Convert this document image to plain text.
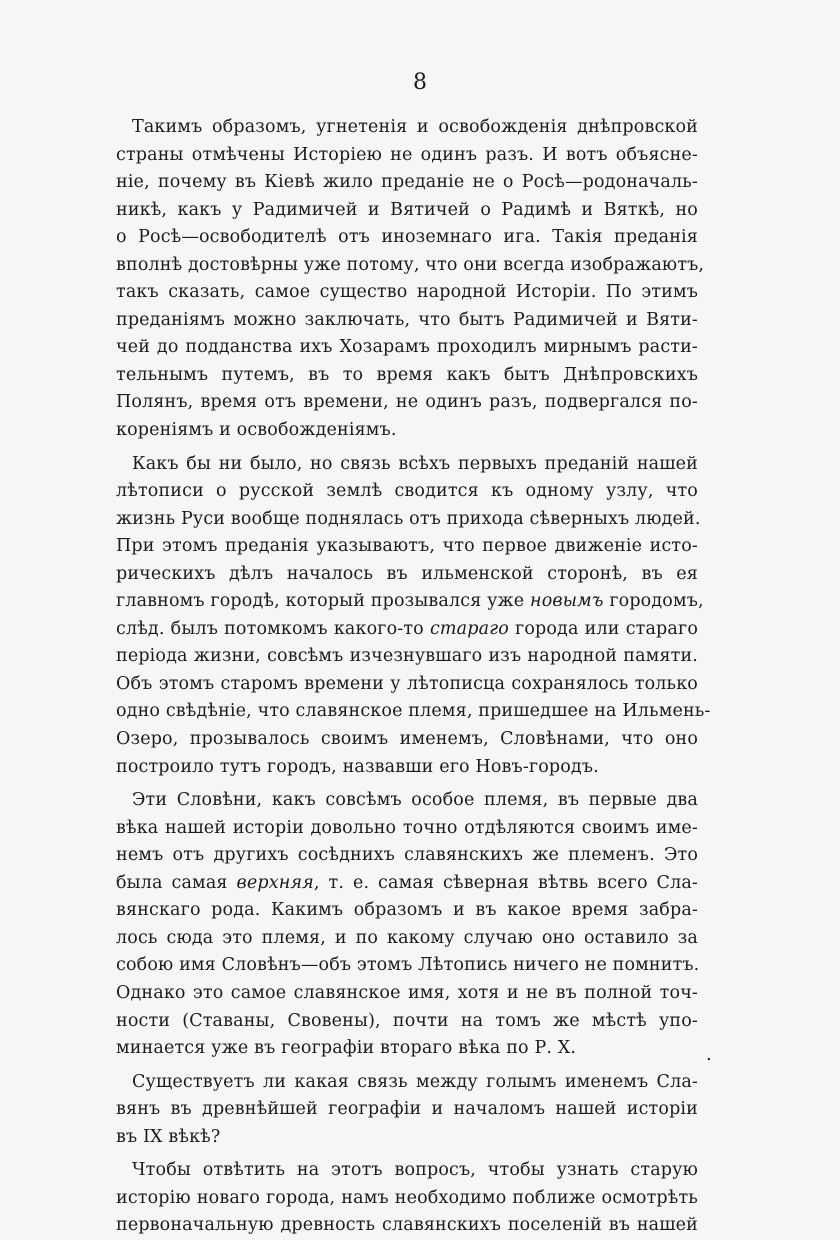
8
Такимъ образомъ, угнетенія и освобожденія днѣпровской
страны отмѣчены Исторіею не одинъ разъ. И вотъ объясне-
ніе, почему въ Кіевѣ жило преданіе не о Росѣ—родоначаль-
никѣ, какъ у Радимичей и Вятичей о Радимѣ и Вяткѣ, но
о Росѣ—освободителѣ отъ иноземнаго ига. Такія преданія
вполнѣ достовѣрны уже потому, что они всегда изображаютъ,
такъ сказать, самое существо народной Исторіи. По этимъ
преданіямъ можно заключать, что бытъ Радимичей и Вяти-
чей до подданства ихъ Хозарамъ проходилъ мирнымъ расти-
тельнымъ путемъ, въ то время какъ бытъ Днѣпровскихъ
Полянъ, время отъ времени, не одинъ разъ, подвергался по-
кореніямъ и освобожденіямъ.
Какъ бы ни было, но связь всѣхъ первыхъ преданій нашей
лѣтописи о русской землѣ сводится къ одному узлу, что
жизнь Руси вообще поднялась отъ прихода сѣверныхъ людей.
При этомъ преданія указываютъ, что первое движеніе исто-
рическихъ дѣлъ началось въ ильменской сторонѣ, въ ея
главномъ городѣ, который прозывался уже новымъ городомъ,
слѣд. былъ потомкомъ какого-то стараго города или стараго
періода жизни, совсѣмъ изчезнувшаго изъ народной памяти.
Объ этомъ старомъ времени у лѣтописца сохранялось только
одно свѣдѣніе, что славянское племя, пришедшее на Ильмень-
Озеро, прозывалось своимъ именемъ, Словѣнами, что оно
построило тутъ городъ, назвавши его Новъ-городъ.
Эти Словѣни, какъ совсѣмъ особое племя, въ первые два
вѣка нашей исторіи довольно точно отдѣляются своимъ име-
немъ отъ другихъ сосѣднихъ славянскихъ же племенъ. Это
была самая верхняя, т. е. самая сѣверная вѣтвь всего Сла-
вянскаго рода. Какимъ образомъ и въ какое время забра-
лось сюда это племя, и по какому случаю оно оставило за
собою имя Словѣнъ—объ этомъ Лѣтопись ничего не помнитъ.
Однако это самое славянское имя, хотя и не въ полной точ-
ности (Ставаны, Свовены), почти на томъ же мѣстѣ упо-
минается уже въ географіи втораго вѣка по Р. Х.
Существуетъ ли какая связь между голымъ именемъ Сла-
вянъ въ древнѣйшей географіи и началомъ нашей исторіи
въ IX вѣкѣ?
Чтобы отвѣтить на этотъ вопросъ, чтобы узнать старую
исторію новаго города, намъ необходимо поближе осмотрѣть
первоначальную древность славянскихъ поселеній въ нашей
.
